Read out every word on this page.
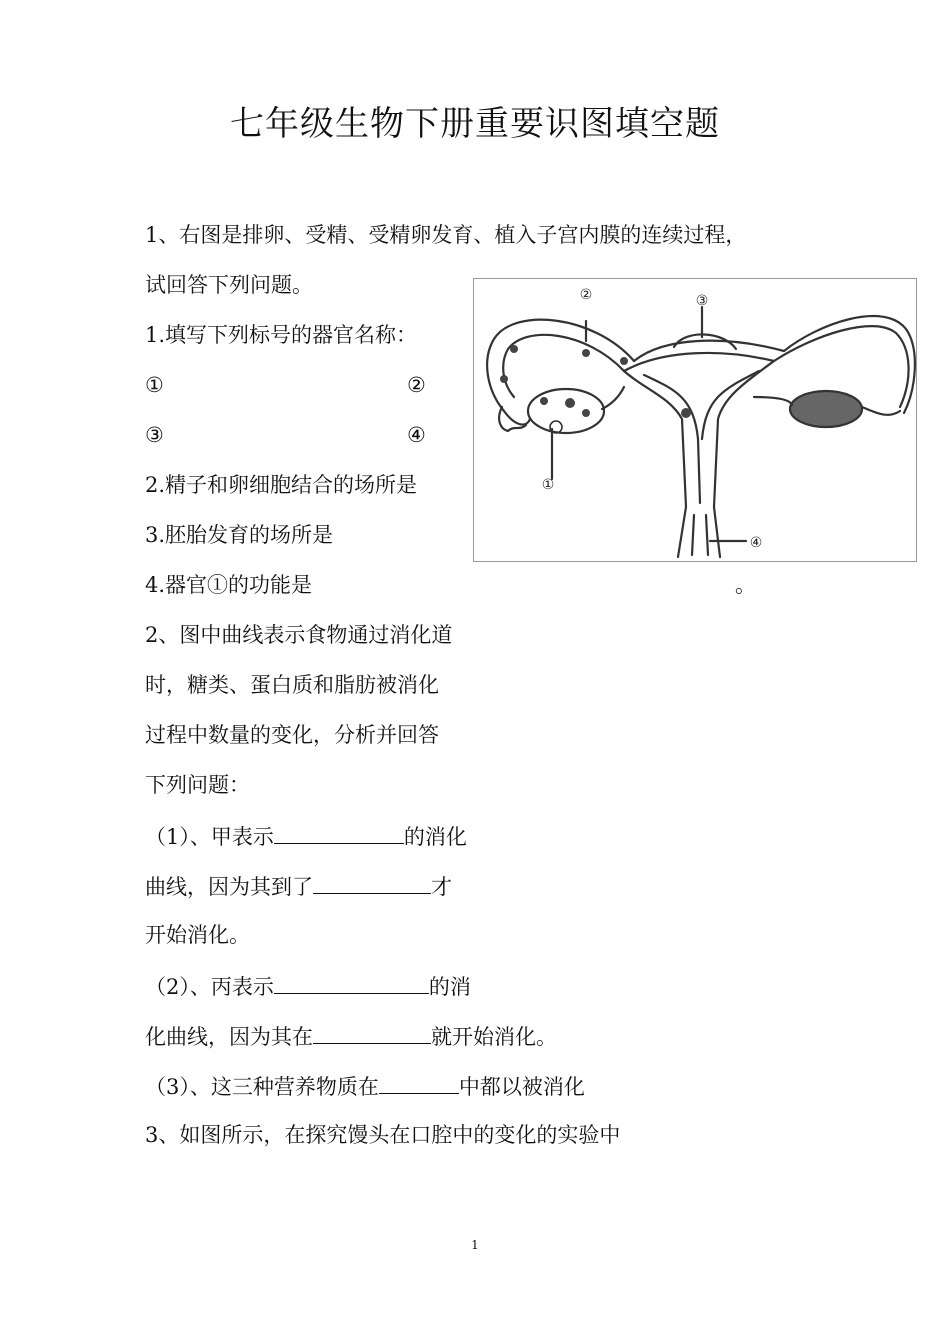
七年级生物下册重要识图填空题
1、右图是排卵、受精、受精卵发育、植入子宫内膜的连续过程，
试回答下列问题。
1.填写下列标号的器官名称：
①	②
③	④
2.精子和卵细胞结合的场所是
3.胚胎发育的场所是
4.器官①的功能是	。
②	③
①
④
2、图中曲线表示食物通过消化道
时，糖类、蛋白质和脂肪被消化
过程中数量的变化，分析并回答
下列问题：
（1）、甲表示	的消化
曲线，因为其到了	才
开始消化。
（2）、丙表示	的消
化曲线，因为其在	就开始消化。
（3）、这三种营养物质在	中都以被消化
3、如图所示，在探究馒头在口腔中的变化的实验中
1
